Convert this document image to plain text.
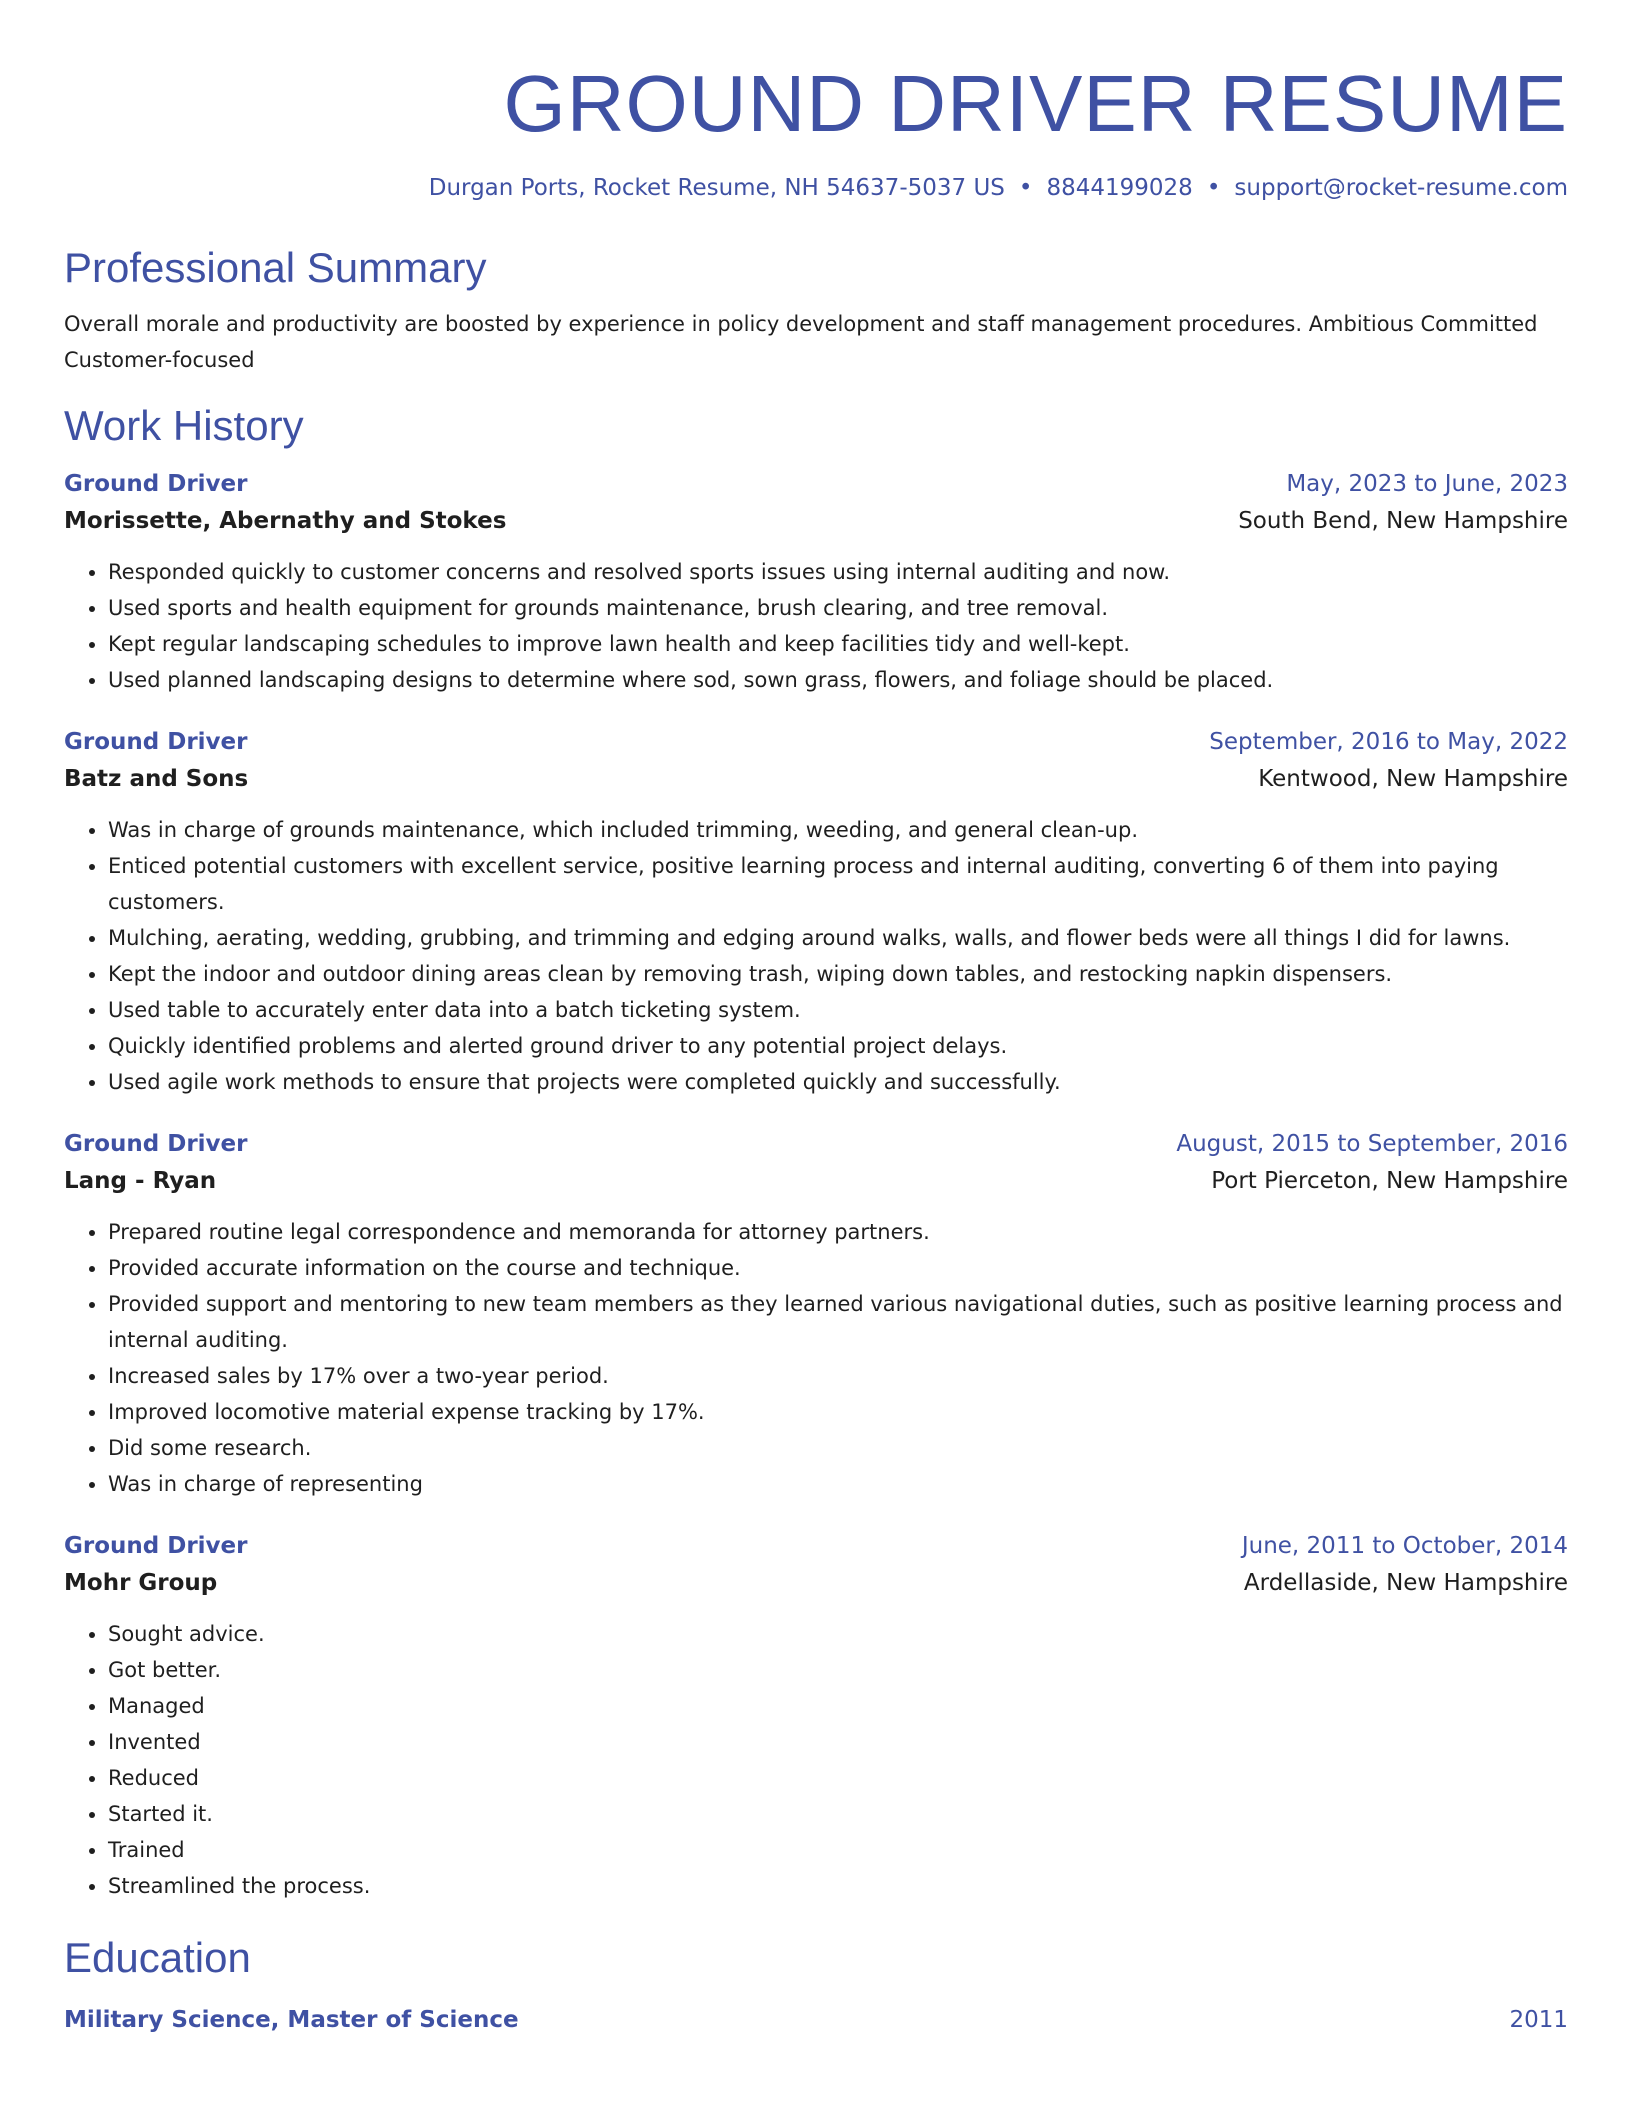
GROUND DRIVER RESUME
Durgan Ports, Rocket Resume, NH 54637-5037 US • 8844199028 • support@rocket-resume.com
Professional Summary
Overall morale and productivity are boosted by experience in policy development and staff management procedures. Ambitious Committed Customer-focused
Work History
Ground Driver	May, 2023 to June, 2023
Morissette, Abernathy and Stokes	South Bend, New Hampshire
• Responded quickly to customer concerns and resolved sports issues using internal auditing and now.
• Used sports and health equipment for grounds maintenance, brush clearing, and tree removal.
• Kept regular landscaping schedules to improve lawn health and keep facilities tidy and well-kept.
• Used planned landscaping designs to determine where sod, sown grass, flowers, and foliage should be placed.
Ground Driver	September, 2016 to May, 2022
Batz and Sons	Kentwood, New Hampshire
• Was in charge of grounds maintenance, which included trimming, weeding, and general clean-up.
• Enticed potential customers with excellent service, positive learning process and internal auditing, converting 6 of them into paying customers.
• Mulching, aerating, wedding, grubbing, and trimming and edging around walks, walls, and flower beds were all things I did for lawns.
• Kept the indoor and outdoor dining areas clean by removing trash, wiping down tables, and restocking napkin dispensers.
• Used table to accurately enter data into a batch ticketing system.
• Quickly identified problems and alerted ground driver to any potential project delays.
• Used agile work methods to ensure that projects were completed quickly and successfully.
Ground Driver	August, 2015 to September, 2016
Lang - Ryan	Port Pierceton, New Hampshire
• Prepared routine legal correspondence and memoranda for attorney partners.
• Provided accurate information on the course and technique.
• Provided support and mentoring to new team members as they learned various navigational duties, such as positive learning process and internal auditing.
• Increased sales by 17% over a two-year period.
• Improved locomotive material expense tracking by 17%.
• Did some research.
• Was in charge of representing
Ground Driver	June, 2011 to October, 2014
Mohr Group	Ardellaside, New Hampshire
• Sought advice.
• Got better.
• Managed
• Invented
• Reduced
• Started it.
• Trained
• Streamlined the process.
Education
Military Science, Master of Science	2011
